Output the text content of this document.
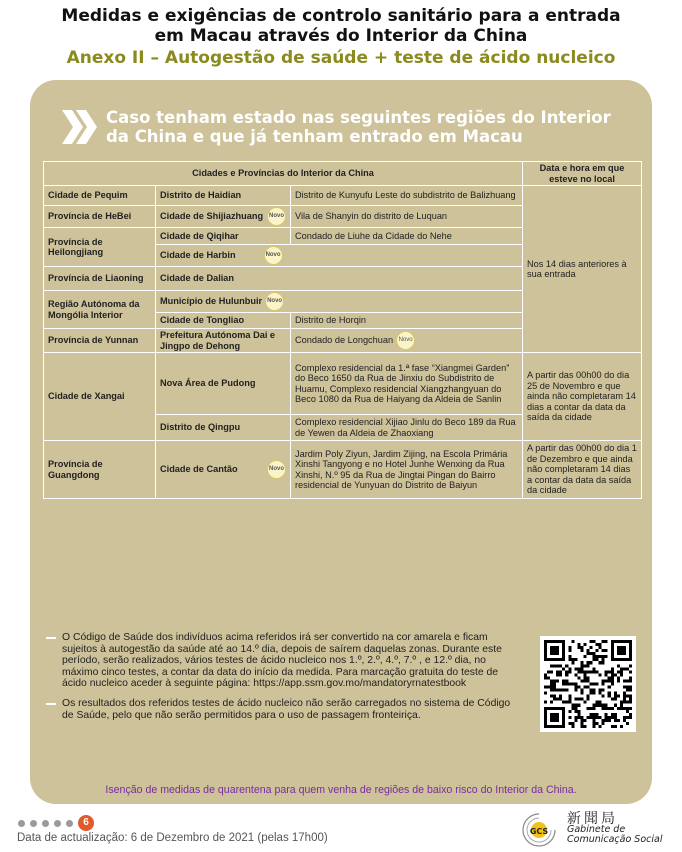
Medidas e exigências de controlo sanitário para a entrada
em Macau através do Interior da China
Anexo II – Autogestão de saúde + teste de ácido nucleico
Caso tenham estado nas seguintes regiões do Interior
da China e que já tenham entrado em Macau
Cidades e Províncias do Interior da China			Data e hora em que esteve no local
Cidade de Pequim	Distrito de Haidian	Distrito de Kunyufu Leste do subdistrito de Balizhuang	Nos 14 dias anteriores à sua entrada
Província de HeBei	Cidade de Shijiazhuang Novo	Vila de Shanyin do distrito de Luquan	
Província de Heilongjiang	Cidade de Qiqihar	Condado de Liuhe da Cidade do Nehe	
	Cidade de Harbin Novo		
Província de Liaoning	Cidade de Dalian		
Região Autónoma da Mongólia Interior	Município de Hulunbuir Novo		
	Cidade de Tongliao	Distrito de Horqin	
Província de Yunnan	Prefeitura Autónoma Dai e Jingpo de Dehong	Condado de Longchuan Novo	
Cidade de Xangai	Nova Área de Pudong	Complexo residencial da 1.ª fase “Xiangmei Garden” do Beco 1650 da Rua de Jinxiu do Subdistrito de Huamu, Complexo residencial Xiangzhangyuan do Beco 1080 da Rua de Haiyang da Aldeia de Sanlin	A partir das 00h00 do dia 25 de Novembro e que ainda não completaram 14 dias a contar da data da saída da cidade
	Distrito de Qingpu	Complexo residencial Xijiao Jinlu do Beco 189 da Rua de Yewen da Aldeia de Zhaoxiang	
Província de Guangdong	Cidade de Cantão Novo	Jardim Poly Ziyun, Jardim Zijing, na Escola Primária Xinshi Tangyong e no Hotel Junhe Wenxing da Rua Xinshi, N.º 95 da Rua de Jingtai Pingan do Bairro residencial de Yunyuan do Distrito de Baiyun	A partir das 00h00 do dia 1 de Dezembro e que ainda não completaram 14 dias a contar da data da saída da cidade
O Código de Saúde dos indivíduos acima referidos irá ser convertido na cor amarela e ficam sujeitos à autogestão da saúde até ao 14.º dia, depois de saírem daquelas zonas. Durante este período, serão realizados, vários testes de ácido nucleico nos 1.º, 2.º, 4.º, 7.º , e 12.º dia, no máximo cinco testes, a contar da data do início da medida. Para marcação gratuita do teste de ácido nucleico aceder à seguinte página: https://app.ssm.gov.mo/mandatoryrnatestbook
Os resultados dos referidos testes de ácido nucleico não serão carregados no sistema de Código de Saúde, pelo que não serão permitidos para o uso de passagem fronteiriça.
Isenção de medidas de quarentena para quem venha de regiões de baixo risco do Interior da China.
6
Data de actualização: 6 de Dezembro de 2021 (pelas 17h00)
GCS
新聞局
Gabinete de
Comunicação Social
